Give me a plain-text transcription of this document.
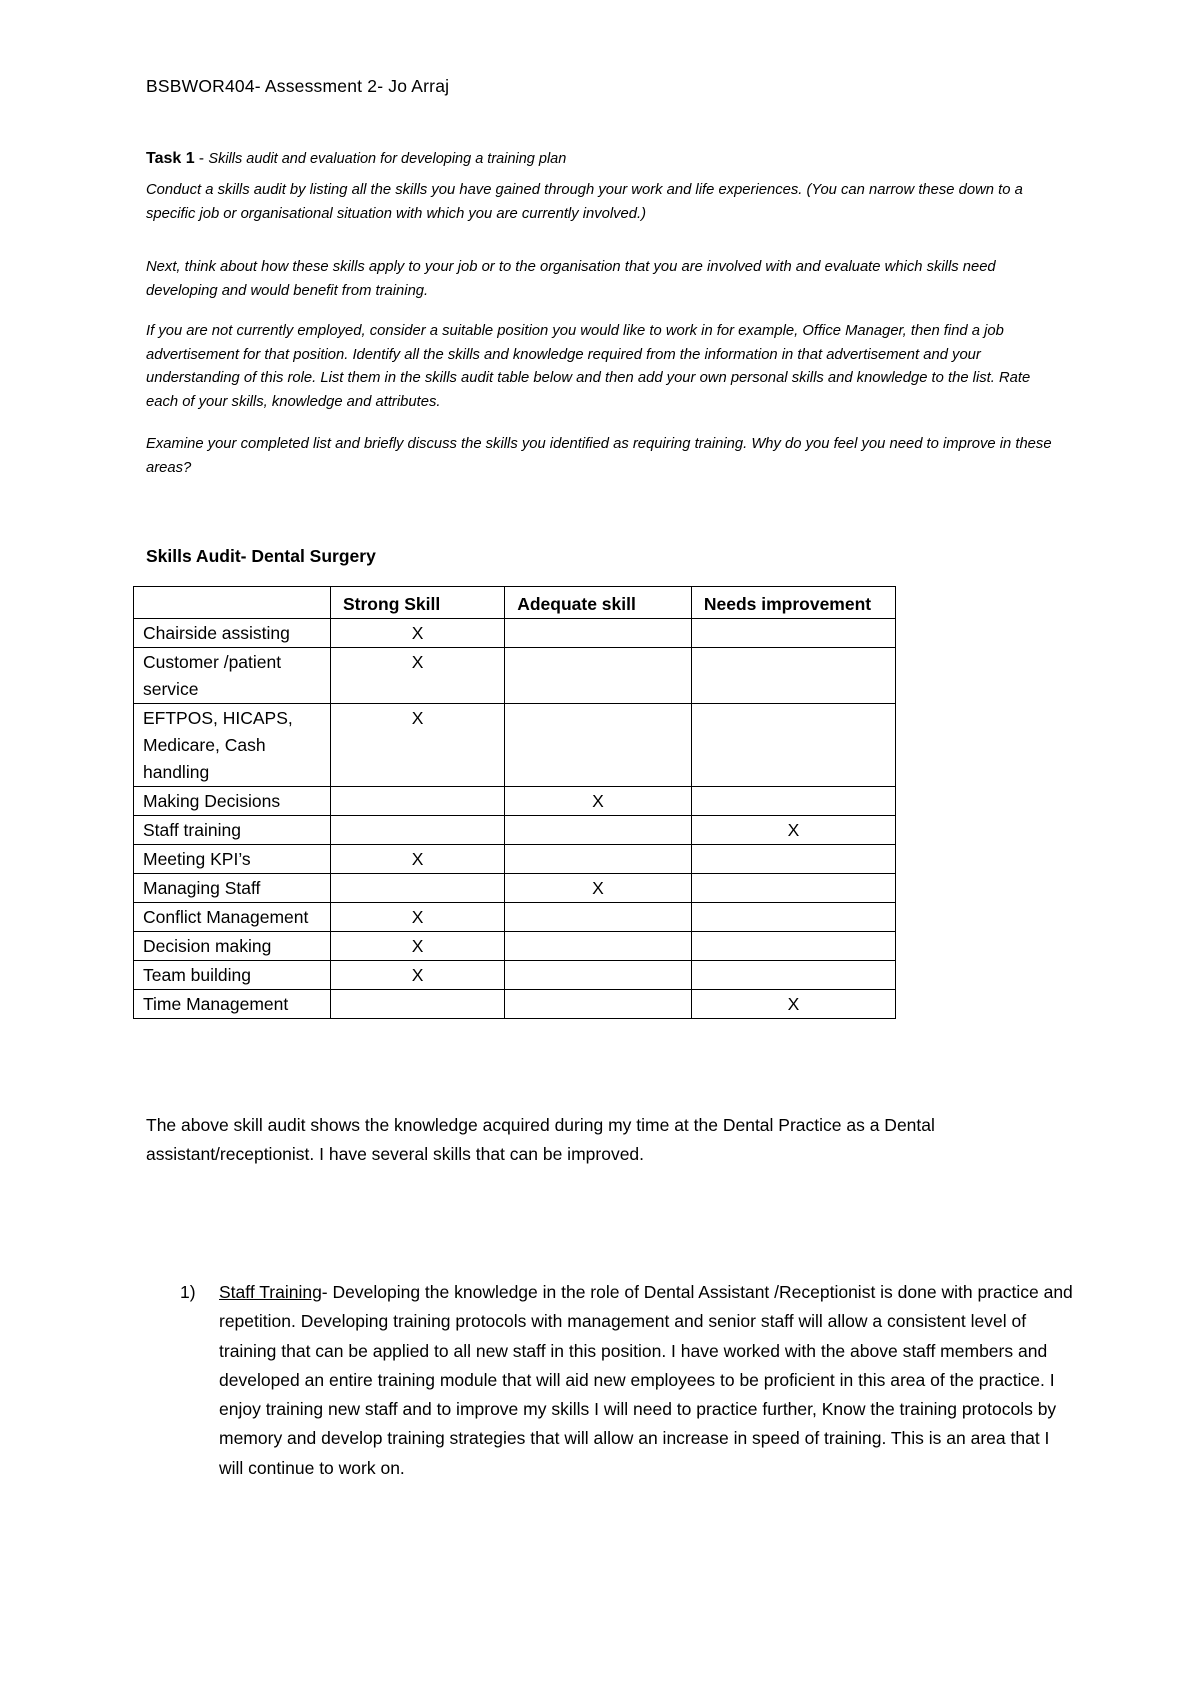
BSBWOR404- Assessment 2- Jo Arraj
Task 1 - Skills audit and evaluation for developing a training plan

Conduct a skills audit by listing all the skills you have gained through your work and life experiences. (You can narrow these down to a specific job or organisational situation with which you are currently involved.)

Next, think about how these skills apply to your job or to the organisation that you are involved with and evaluate which skills need developing and would benefit from training.

If you are not currently employed, consider a suitable position you would like to work in for example, Office Manager, then find a job advertisement for that position. Identify all the skills and knowledge required from the information in that advertisement and your understanding of this role. List them in the skills audit table below and then add your own personal skills and knowledge to the list. Rate each of your skills, knowledge and attributes.

Examine your completed list and briefly discuss the skills you identified as requiring training. Why do you feel you need to improve in these areas?

Skills Audit- Dental Surgery
	Strong Skill	Adequate skill	Needs improvement
Chairside assisting	X		
Customer /patient service	X		
EFTPOS, HICAPS, Medicare, Cash handling	X		
Making Decisions		X	
Staff training			X
Meeting KPI’s	X		
Managing Staff		X	
Conflict Management	X		
Decision making	X		
Team building	X		
Time Management			X

The above skill audit shows the knowledge acquired during my time at the Dental Practice as a Dental assistant/receptionist. I have several skills that can be improved.

1) Staff Training- Developing the knowledge in the role of Dental Assistant /Receptionist is done with practice and repetition. Developing training protocols with management and senior staff will allow a consistent level of training that can be applied to all new staff in this position. I have worked with the above staff members and developed an entire training module that will aid new employees to be proficient in this area of the practice. I enjoy training new staff and to improve my skills I will need to practice further, Know the training protocols by memory and develop training strategies that will allow an increase in speed of training. This is an area that I will continue to work on.
